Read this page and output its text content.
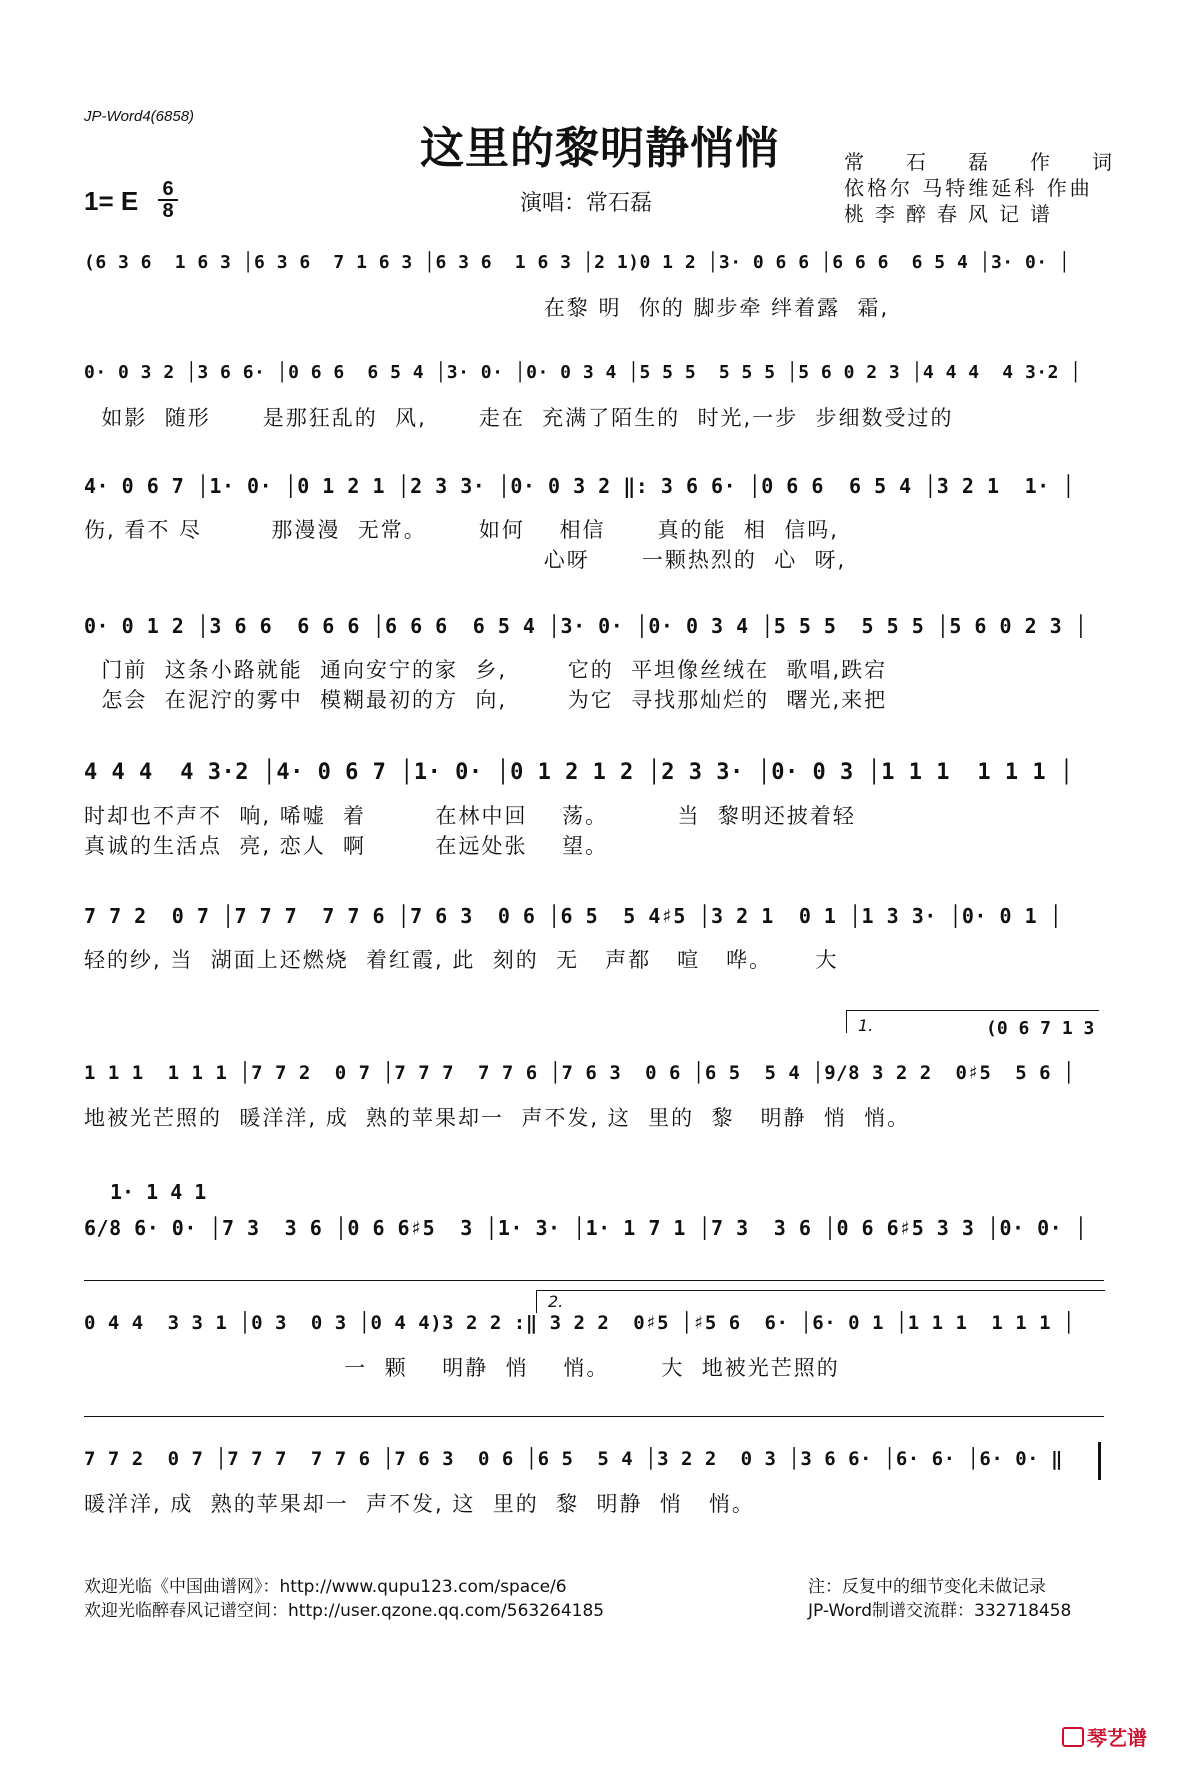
JP-Word4(6858)
这里的黎明静悄悄
1= E 6
8	演唱：常石磊
常石磊作词
依格尔 马特维延科 作曲
桃李醉春风记谱
(6 3 6  1 6 3 │6 3 6  7 1 6 3 │6 3 6  1 6 3 │2 1)0 1 2 │3· 0 6 6 │6 6 6  6 5 4 │3· 0· │
在黎 明  你的 脚步牵 绊着露  霜,
0· 0 3 2 │3 6 6· │0 6 6  6 5 4 │3· 0· │0· 0 3 4 │5 5 5  5 5 5 │5 6 0 2 3 │4 4 4  4 3·2 │
如影  随形      是那狂乱的  风,      走在  充满了陌生的  时光,一步  步细数受过的
4· 0 6 7 │1· 0· │0 1 2 1 │2 3 3· │0· 0 3 2 ‖: 3 6 6· │0 6 6  6 5 4 │3 2 1  1· │
伤, 看不 尽        那漫漫  无常。      如何    相信      真的能  相  信吗,
心呀      一颗热烈的  心  呀,
0· 0 1 2 │3 6 6  6 6 6 │6 6 6  6 5 4 │3· 0· │0· 0 3 4 │5 5 5  5 5 5 │5 6 0 2 3 │
门前  这条小路就能  通向安宁的家  乡,       它的  平坦像丝绒在  歌唱,跌宕
怎会  在泥泞的雾中  模糊最初的方  向,       为它  寻找那灿烂的  曙光,来把
4 4 4  4 3·2 │4· 0 6 7 │1· 0· │0 1 2 1 2 │2 3 3· │0· 0 3 │1 1 1  1 1 1 │
时却也不声不  响, 唏嘘  着        在林中回    荡。        当  黎明还披着轻
真诚的生活点  亮, 恋人  啊        在远处张    望。
7 7 2  0 7 │7 7 7  7 7 6 │7 6 3  0 6 │6 5  5 4♯5 │3 2 1  0 1 │1 3 3· │0· 0 1 │
轻的纱, 当  湖面上还燃烧  着红霞, 此  刻的  无   声都   喧   哗。     大
1.	(0 6 7 1 3
1 1 1  1 1 1 │7 7 2  0 7 │7 7 7  7 7 6 │7 6 3  0 6 │6 5  5 4 │9/8 3 2 2  0♯5  5 6 │
地被光芒照的  暖洋洋, 成  熟的苹果却一  声不发, 这  里的  黎   明静  悄  悄。
1· 1 4 1
6/8 6· 0· │7 3  3 6 │0 6 6♯5  3 │1· 3· │1· 1 7 1 │7 3  3 6 │0 6 6♯5 3 3 │0· 0· │
2.
0 4 4  3 3 1 │0 3  0 3 │0 4 4)3 2 2 :‖ 3 2 2  0♯5 │♯5 6  6· │6· 0 1 │1 1 1  1 1 1 │
一  颗    明静  悄    悄。      大  地被光芒照的
7 7 2  0 7 │7 7 7  7 7 6 │7 6 3  0 6 │6 5  5 4 │3 2 2  0 3 │3 6 6· │6· 6· │6· 0· ‖
暖洋洋, 成  熟的苹果却一  声不发, 这  里的  黎  明静  悄   悄。
欢迎光临《中国曲谱网》：http://www.qupu123.com/space/6
欢迎光临醉春风记谱空间：http://user.qzone.qq.com/563264185
注：反复中的细节变化未做记录
JP-Word制谱交流群：332718458
琴艺谱
